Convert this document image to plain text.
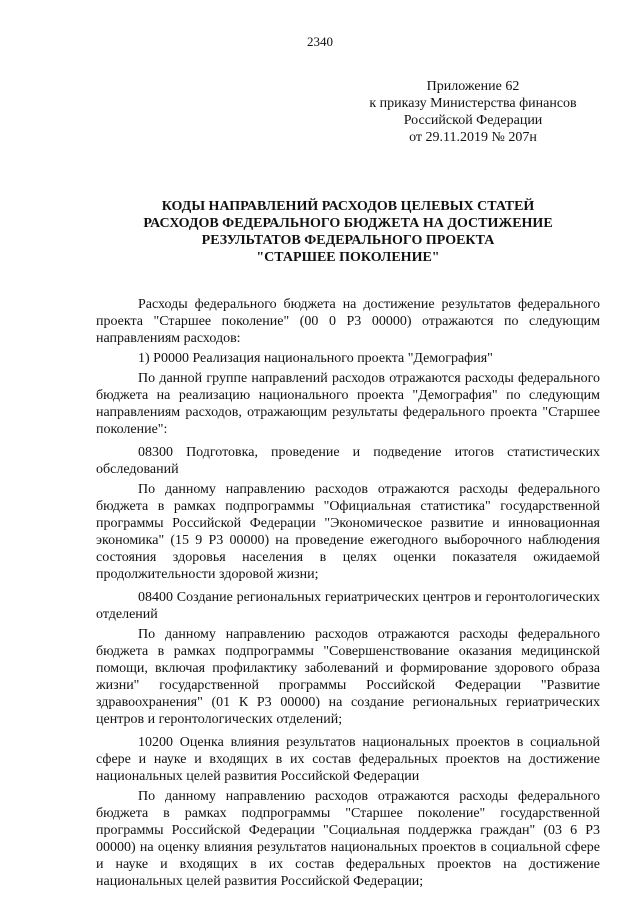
2340
Приложение 62
к приказу Министерства финансов
Российской Федерации
от 29.11.2019 № 207н
КОДЫ НАПРАВЛЕНИЙ РАСХОДОВ ЦЕЛЕВЫХ СТАТЕЙ
РАСХОДОВ ФЕДЕРАЛЬНОГО БЮДЖЕТА НА ДОСТИЖЕНИЕ
РЕЗУЛЬТАТОВ ФЕДЕРАЛЬНОГО ПРОЕКТА
"СТАРШЕЕ ПОКОЛЕНИЕ"

Расходы федерального бюджета на достижение результатов федерального проекта "Старшее поколение" (00 0 P3 00000) отражаются по следующим направлениям расходов:

1) P0000 Реализация национального проекта "Демография"

По данной группе направлений расходов отражаются расходы федерального бюджета на реализацию национального проекта "Демография" по следующим направлениям расходов, отражающим результаты федерального проекта "Старшее поколение":

08300 Подготовка, проведение и подведение итогов статистических обследований

По данному направлению расходов отражаются расходы федерального бюджета в рамках подпрограммы "Официальная статистика" государственной программы Российской Федерации "Экономическое развитие и инновационная экономика" (15 9 P3 00000) на проведение ежегодного выборочного наблюдения состояния здоровья населения в целях оценки показателя ожидаемой продолжительности здоровой жизни;

08400 Создание региональных гериатрических центров и геронтологических отделений

По данному направлению расходов отражаются расходы федерального бюджета в рамках подпрограммы "Совершенствование оказания медицинской помощи, включая профилактику заболеваний и формирование здорового образа жизни" государственной программы Российской Федерации "Развитие здравоохранения" (01 К P3 00000) на создание региональных гериатрических центров и геронтологических отделений;

10200 Оценка влияния результатов национальных проектов в социальной сфере и науке и входящих в их состав федеральных проектов на достижение национальных целей развития Российской Федерации

По данному направлению расходов отражаются расходы федерального бюджета в рамках подпрограммы "Старшее поколение" государственной программы Российской Федерации "Социальная поддержка граждан" (03 6 P3 00000) на оценку влияния результатов национальных проектов в социальной сфере и науке и входящих в их состав федеральных проектов на достижение национальных целей развития Российской Федерации;
